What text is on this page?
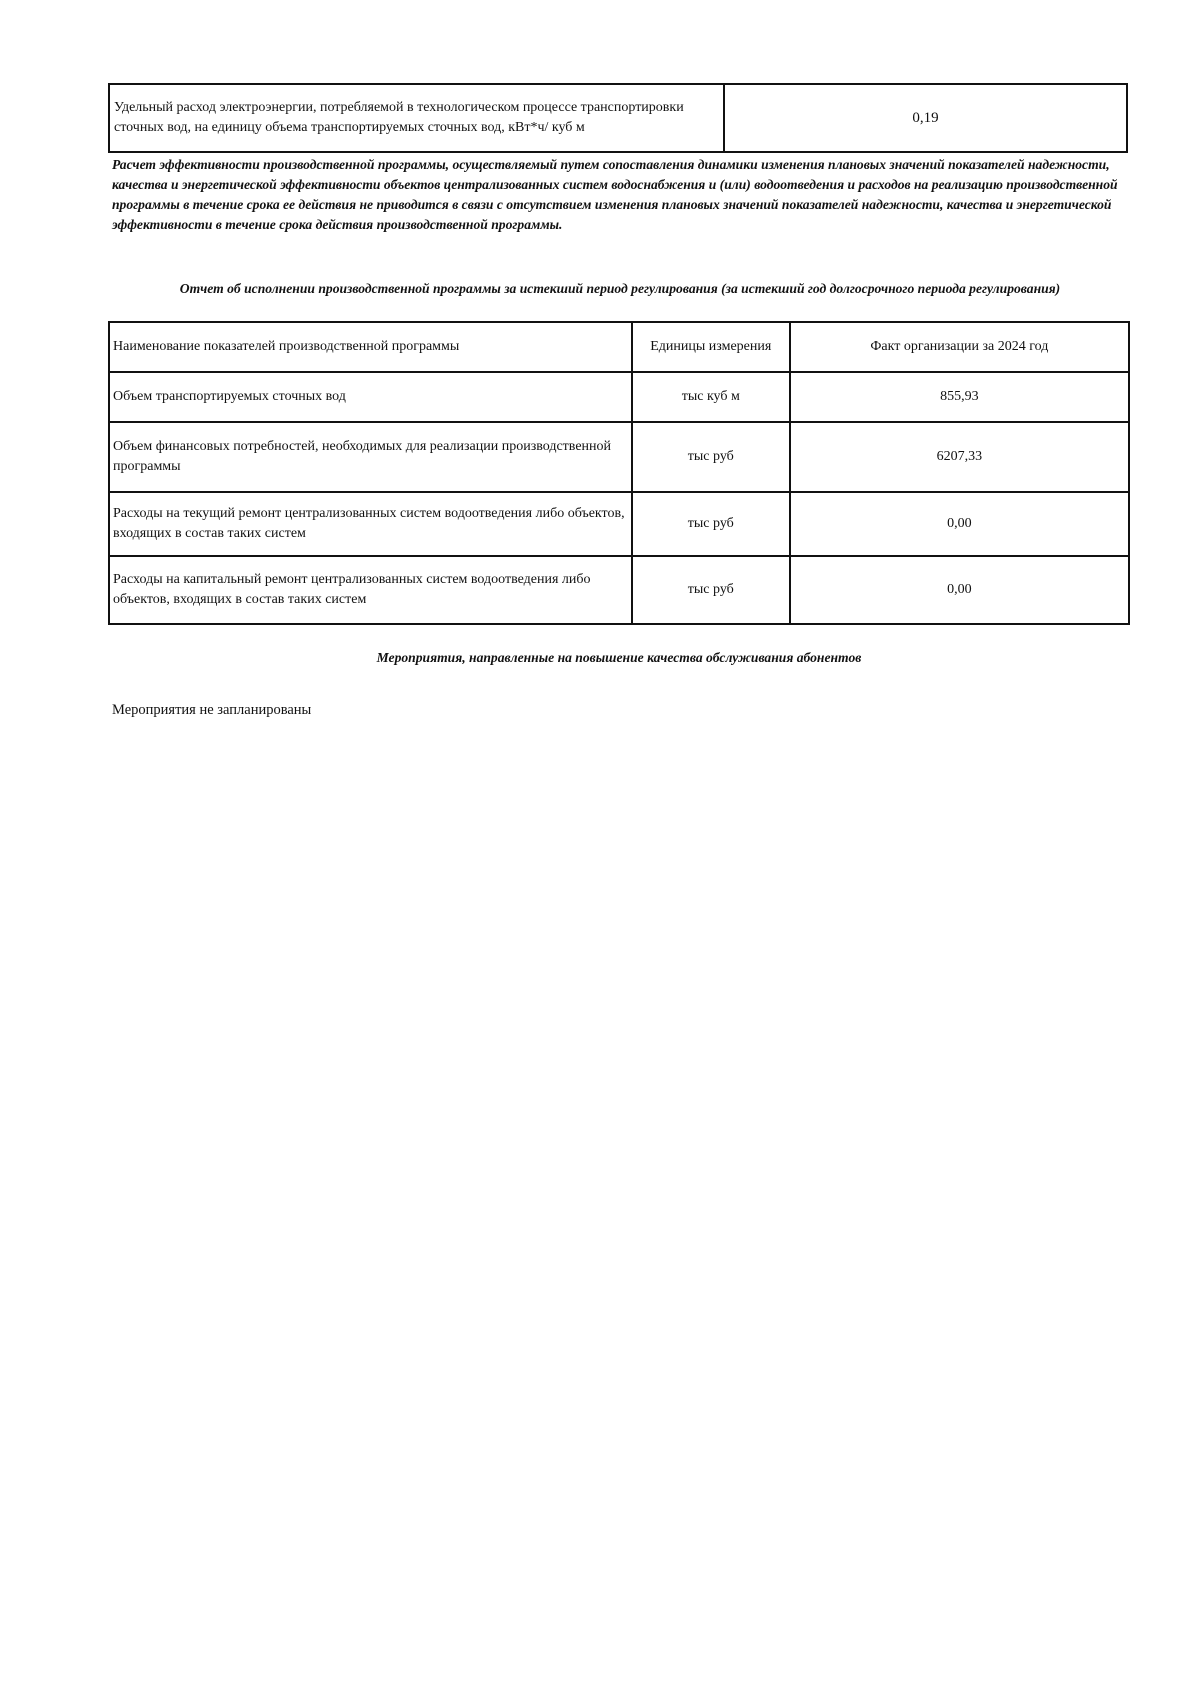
Удельный расход электроэнергии, потребляемой в технологическом процессе транспортировки сточных вод, на единицу объема транспортируемых сточных вод, кВт*ч/ куб м	0,19
Расчет эффективности производственной программы, осуществляемый путем сопоставления динамики изменения плановых значений показателей надежности, качества и энергетической эффективности объектов централизованных систем водоснабжения и (или) водоотведения и расходов на реализацию производственной программы в течение срока ее действия не приводится в связи с отсутствием изменения плановых значений показателей надежности, качества и энергетической эффективности в течение срока действия производственной программы.
Отчет об исполнении производственной программы за истекший период регулирования (за истекший год долгосрочного периода регулирования)
Наименование показателей производственной программы	Единицы измерения	Факт организации за 2024 год
Объем транспортируемых сточных вод	тыс куб м	855,93
Объем финансовых потребностей, необходимых для реализации производственной программы	тыс руб	6207,33
Расходы на текущий ремонт централизованных систем водоотведения либо объектов, входящих в состав таких систем	тыс руб	0,00
Расходы на капитальный ремонт централизованных систем водоотведения либо объектов, входящих в состав таких систем	тыс руб	0,00
Мероприятия, направленные на повышение качества обслуживания абонентов
Мероприятия не запланированы
